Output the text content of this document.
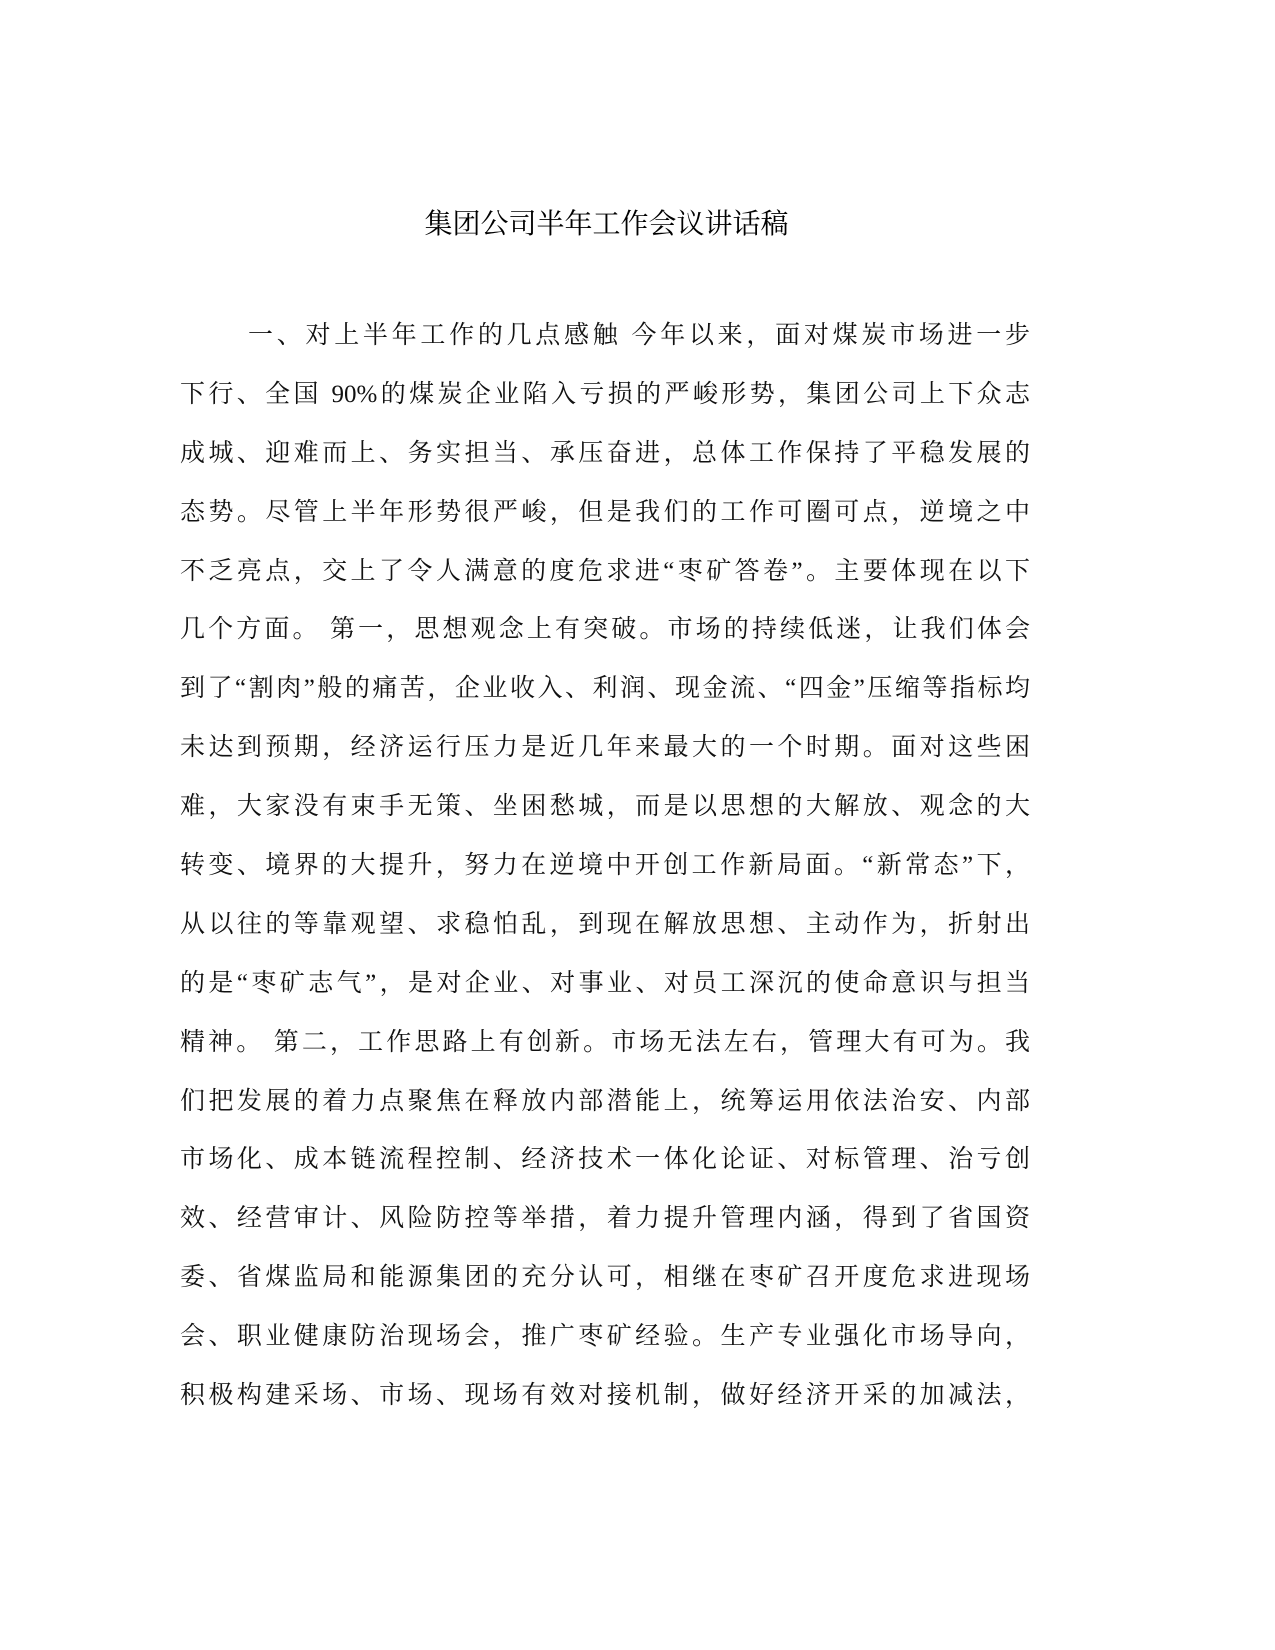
集团公司半年工作会议讲话稿
一、对上半年工作的几点感触 今年以来，面对煤炭市场进一步
下行、全国 90%的煤炭企业陷入亏损的严峻形势，集团公司上下众志
成城、迎难而上、务实担当、承压奋进，总体工作保持了平稳发展的
态势。尽管上半年形势很严峻，但是我们的工作可圈可点，逆境之中
不乏亮点，交上了令人满意的度危求进“枣矿答卷”。主要体现在以下
几个方面。 第一，思想观念上有突破。市场的持续低迷，让我们体会
到了“割肉”般的痛苦，企业收入、利润、现金流、“四金”压缩等指标均
未达到预期，经济运行压力是近几年来最大的一个时期。面对这些困
难，大家没有束手无策、坐困愁城，而是以思想的大解放、观念的大
转变、境界的大提升，努力在逆境中开创工作新局面。“新常态”下，
从以往的等靠观望、求稳怕乱，到现在解放思想、主动作为，折射出
的是“枣矿志气”，是对企业、对事业、对员工深沉的使命意识与担当
精神。 第二，工作思路上有创新。市场无法左右，管理大有可为。我
们把发展的着力点聚焦在释放内部潜能上，统筹运用依法治安、内部
市场化、成本链流程控制、经济技术一体化论证、对标管理、治亏创
效、经营审计、风险防控等举措，着力提升管理内涵，得到了省国资
委、省煤监局和能源集团的充分认可，相继在枣矿召开度危求进现场
会、职业健康防治现场会，推广枣矿经验。生产专业强化市场导向，
积极构建采场、市场、现场有效对接机制，做好经济开采的加减法，
